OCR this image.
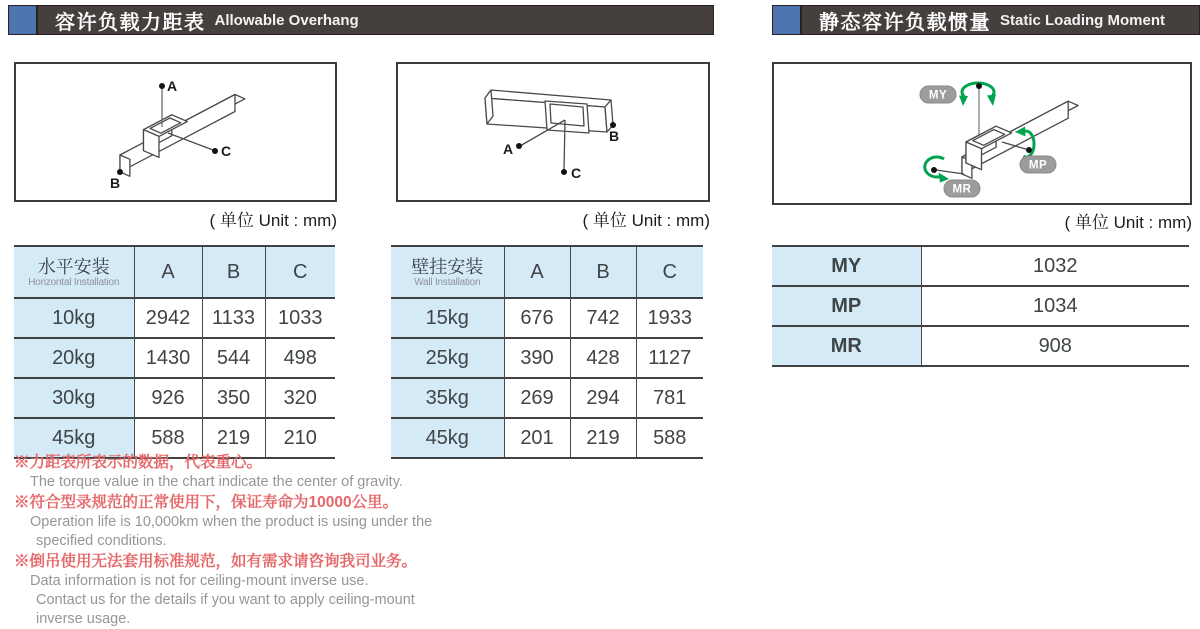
容许负载力距表 Allowable Overhang	静态容许负载惯量 Static Loading Moment
A
B
C
( 单位 Unit : mm)
A
B
C
( 单位 Unit : mm)
MY
MP
MR
( 单位 Unit : mm)
水平安装
Horizontal Installation	A	B	C
10kg	2942	1133	1033
20kg	1430	544	498
30kg	926	350	320
45kg	588	219	210
壁挂安装
Wall Installation	A	B	C
15kg	676	742	1933
25kg	390	428	1127
35kg	269	294	781
45kg	201	219	588
MY	1032
MP	1034
MR	908
※力距表所表示的数据，代表重心。
The torque value in the chart indicate the center of gravity.
※符合型录规范的正常使用下，保证寿命为10000公里。
Operation life is 10,000km when the product is using under the
specified conditions.
※倒吊使用无法套用标准规范，如有需求请咨询我司业务。
Data information is not for ceiling-mount inverse use.
Contact us for the details if you want to apply ceiling-mount
inverse usage.
